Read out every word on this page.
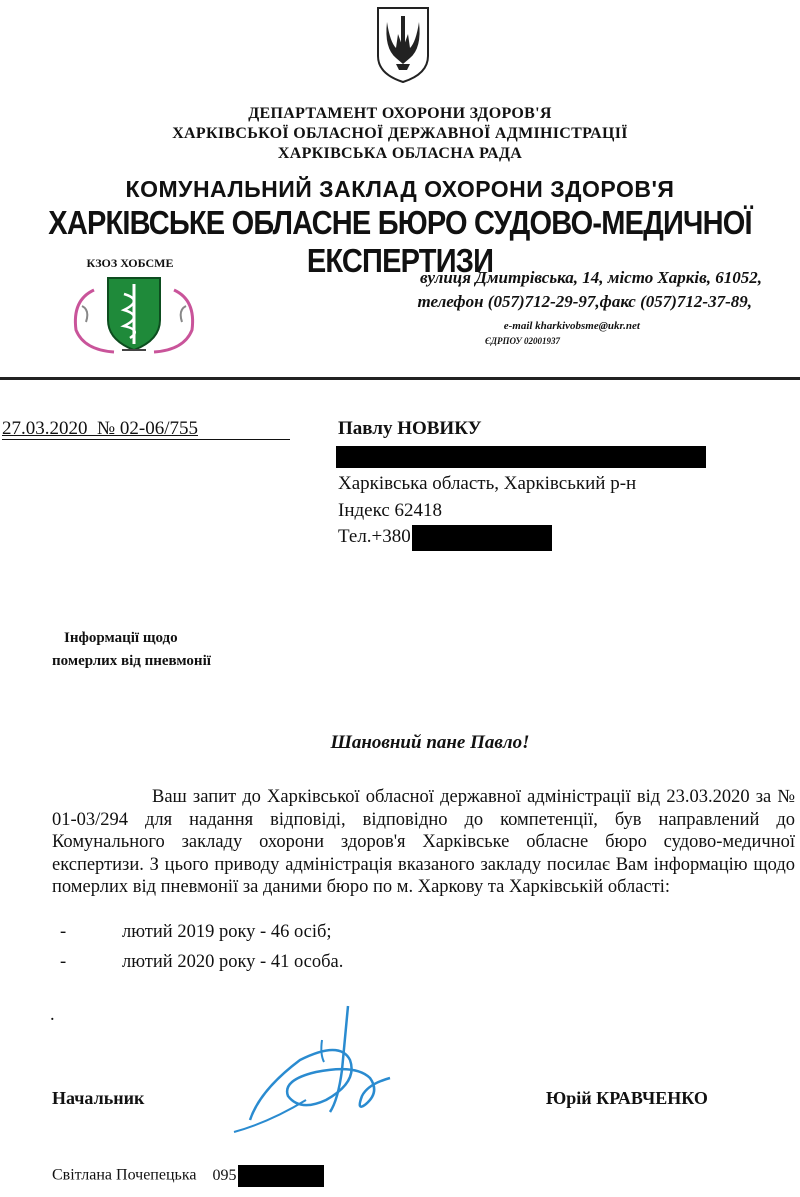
ДЕПАРТАМЕНТ ОХОРОНИ ЗДОРОВ'Я
ХАРКІВСЬКОЇ ОБЛАСНОЇ ДЕРЖАВНОЇ АДМІНІСТРАЦІЇ
ХАРКІВСЬКА ОБЛАСНА РАДА
КОМУНАЛЬНИЙ ЗАКЛАД ОХОРОНИ ЗДОРОВ'Я
ХАРКІВСЬКЕ ОБЛАСНЕ БЮРО СУДОВО-МЕДИЧНОЇ ЕКСПЕРТИЗИ
КЗОЗ ХОБСМЕ
вулиця Дмитрівська, 14, місто Харків, 61052,
телефон (057)712-29-97,факс (057)712-37-89,
e-mail kharkivobsme@ukr.net
ЄДРПОУ 02001937
27.03.2020  № 02-06/755	Павлу НОВИКУ
Харківська область, Харківський р-н
Індекс 62418
Тел.+380
Інформації щодо
померлих від пневмонії
Шановний пане Павло!
Ваш запит до Харківської обласної державної адміністрації від 23.03.2020 за № 01-03/294 для надання відповіді, відповідно до компетенції, був направлений до Комунального закладу охорони здоров'я Харківське обласне бюро судово-медичної експертизи. З цього приводу адміністрація вказаного закладу посилає Вам інформацію щодо померлих від пневмонії за даними бюро по м. Харкову та Харківській області:
-	лютий 2019 року - 46 осіб;
-	лютий 2020 року - 41 особа.
.
Начальник	Юрій КРАВЧЕНКО
Світлана Почепецька 095
